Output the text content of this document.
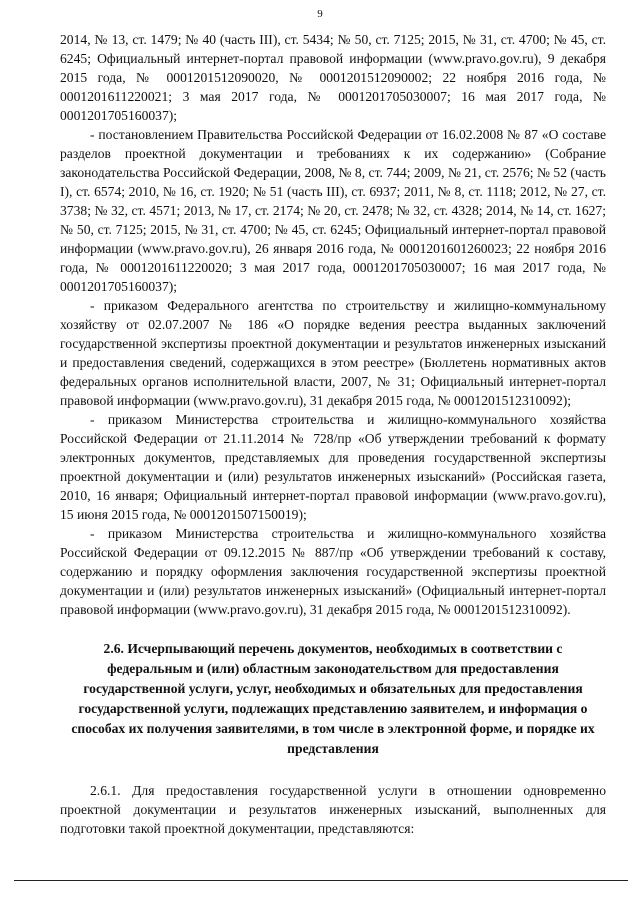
9

2014, № 13, ст. 1479; № 40 (часть III), ст. 5434; № 50, ст. 7125; 2015, № 31, ст. 4700; № 45, ст. 6245; Официальный интернет-портал правовой информации (www.pravo.gov.ru), 9 декабря 2015 года, № 0001201512090020, № 0001201512090002; 22 ноября 2016 года, № 0001201611220021; 3 мая 2017 года, № 0001201705030007; 16 мая 2017 года, № 0001201705160037);

- постановлением Правительства Российской Федерации от 16.02.2008 № 87 «О составе разделов проектной документации и требованиях к их содержанию» (Собрание законодательства Российской Федерации, 2008, № 8, ст. 744; 2009, № 21, ст. 2576; № 52 (часть I), ст. 6574; 2010, № 16, ст. 1920; № 51 (часть III), ст. 6937; 2011, № 8, ст. 1118; 2012, № 27, ст. 3738; № 32, ст. 4571; 2013, № 17, ст. 2174; № 20, ст. 2478; № 32, ст. 4328; 2014, № 14, ст. 1627; № 50, ст. 7125; 2015, № 31, ст. 4700; № 45, ст. 6245; Официальный интернет-портал правовой информации (www.pravo.gov.ru), 26 января 2016 года, № 0001201601260023; 22 ноября 2016 года, № 0001201611220020; 3 мая 2017 года, 0001201705030007; 16 мая 2017 года, № 0001201705160037);

- приказом Федерального агентства по строительству и жилищно-коммунальному хозяйству от 02.07.2007 № 186 «О порядке ведения реестра выданных заключений государственной экспертизы проектной документации и результатов инженерных изысканий и предоставления сведений, содержащихся в этом реестре» (Бюллетень нормативных актов федеральных органов исполнительной власти, 2007, № 31; Официальный интернет-портал правовой информации (www.pravo.gov.ru), 31 декабря 2015 года, № 0001201512310092);

- приказом Министерства строительства и жилищно-коммунального хозяйства Российской Федерации от 21.11.2014 № 728/пр «Об утверждении требований к формату электронных документов, представляемых для проведения государственной экспертизы проектной документации и (или) результатов инженерных изысканий» (Российская газета, 2010, 16 января; Официальный интернет-портал правовой информации (www.pravo.gov.ru), 15 июня 2015 года, № 0001201507150019);

- приказом Министерства строительства и жилищно-коммунального хозяйства Российской Федерации от 09.12.2015 № 887/пр «Об утверждении требований к составу, содержанию и порядку оформления заключения государственной экспертизы проектной документации и (или) результатов инженерных изысканий» (Официальный интернет-портал правовой информации (www.pravo.gov.ru), 31 декабря 2015 года, № 0001201512310092).

2.6. Исчерпывающий перечень документов, необходимых в соответствии с федеральным и (или) областным законодательством для предоставления государственной услуги, услуг, необходимых и обязательных для предоставления государственной услуги, подлежащих представлению заявителем, и информация о способах их получения заявителями, в том числе в электронной форме, и порядке их представления

2.6.1. Для предоставления государственной услуги в отношении одновременно проектной документации и результатов инженерных изысканий, выполненных для подготовки такой проектной документации, представляются:
